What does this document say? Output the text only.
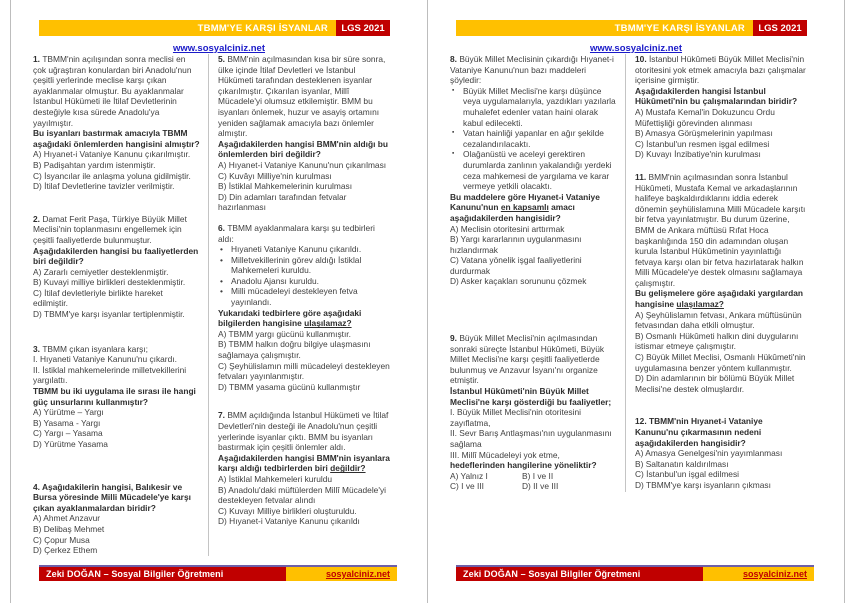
TBMM'YE KARŞI İSYANLAR LGS 2021
www.sosyalciniz.net
1. TBMM'nin açılışından sonra meclisi en çok uğraştıran konulardan biri Anadolu'nun çeşitli yerlerinde meclise karşı çıkan ayaklanmalar olmuştur. Bu ayaklanmalar İstanbul Hükümeti ile İtilaf Devletlerinin desteğiyle kısa sürede Anadolu'ya yayılmıştır.
Bu isyanları bastırmak amacıyla TBMM aşağıdaki önlemlerden hangisini almıştır?
A) Hıyanet-i Vataniye Kanunu çıkarılmıştır.
B) Padişahtan yardım istenmiştir.
C) İsyancılar ile anlaşma yoluna gidilmiştir.
D) İtilaf Devletlerine tavizler verilmiştir.
2. Damat Ferit Paşa, Türkiye Büyük Millet Meclisi'nin toplanmasını engellemek için çeşitli faaliyetlerde bulunmuştur.
Aşağıdakilerden hangisi bu faaliyetlerden biri değildir?
A) Zararlı cemiyetler desteklenmiştir.
B) Kuvayi milliye birlikleri desteklenmiştir.
C) İtilaf devletleriyle birlikte hareket edilmiştir.
D) TBMM'ye karşı isyanlar tertiplenmiştir.
3. TBMM çıkan isyanlara karşı;
I. Hıyaneti Vataniye Kanunu'nu çıkardı.
II. İstiklal mahkemelerinde milletvekillerini yargılattı.
TBMM bu iki uygulama ile sırası ile hangi güç unsurlarını kullanmıştır?
A) Yürütme – Yargı
B) Yasama - Yargı
C) Yargı – Yasama
D) Yürütme Yasama
4. Aşağıdakilerin hangisi, Balıkesir ve Bursa yöresinde Milli Mücadele'ye karşı çıkan ayaklanmalardan biridir?
A) Ahmet Anzavur
B) Delibaş Mehmet
C) Çopur Musa
D) Çerkez Ethem
5. BMM'nin açılmasından kısa bir süre sonra, ülke içinde İtilaf Devletleri ve İstanbul Hükümeti tarafından desteklenen isyanlar çıkarılmıştır. Çıkarılan isyanlar, Millî Mücadele'yi olumsuz etkilemiştir. BMM bu isyanları önlemek, huzur ve asayiş ortamını yeniden sağlamak amacıyla bazı önlemler almıştır.
Aşağıdakilerden hangisi BMM'nin aldığı bu önlemlerden biri değildir?
A) Hıyanet-i Vataniye Kanunu'nun çıkarılması
C) Kuvâyı Milliye'nin kurulması
B) İstiklal Mahkemelerinin kurulması
D) Din adamları tarafından fetvalar hazırlanması
6. TBMM ayaklanmalara karşı şu tedbirleri aldı:
• Hıyaneti Vataniye Kanunu çıkarıldı.
• Milletvekillerinin görev aldığı İstiklal Mahkemeleri kuruldu.
• Anadolu Ajansı kuruldu.
• Milli mücadeleyi destekleyen fetva yayınlandı.
Yukarıdaki tedbirlere göre aşağıdaki bilgilerden hangisine ulaşılamaz?
A) TBMM yargı gücünü kullanmıştır.
B) TBMM halkın doğru bilgiye ulaşmasını sağlamaya çalışmıştır.
C) Şeyhülislamın milli mücadeleyi destekleyen fetvaları yayınlanmıştır.
D) TBMM yasama gücünü kullanmıştır
7. BMM açıldığında İstanbul Hükümeti ve İtilaf Devletleri'nin desteği ile Anadolu'nun çeşitli yerlerinde isyanlar çıktı. BMM bu isyanları bastırmak için çeşitli önlemler aldı.
Aşağıdakilerden hangisi BMM'nin isyanlara karşı aldığı tedbirlerden biri değildir?
A) İstiklal Mahkemeleri kuruldu
B) Anadolu'daki müftülerden Millî Mücadele'yi destekleyen fetvalar alındı
C) Kuvayı Milliye birlikleri oluşturuldu.
D) Hıyanet-i Vataniye Kanunu çıkarıldı
Zeki DOĞAN – Sosyal Bilgiler Öğretmeni	sosyalciniz.net
TBMM'YE KARŞI İSYANLAR LGS 2021
www.sosyalciniz.net
8. Büyük Millet Meclisinin çıkardığı Hıyanet-i Vataniye Kanunu'nun bazı maddeleri şöyledir:
▪	Büyük Millet Meclisi'ne karşı düşünce veya uygulamalarıyla, yazdıkları yazılarla muhalefet edenler vatan haini olarak kabul edilecekti.
▪	Vatan hainliği yapanlar en ağır şekilde cezalandırılacaktı.
▪	Olağanüstü ve aceleyi gerektiren durumlarda zanlının yakalandığı yerdeki ceza mahkemesi de yargılama ve karar vermeye yetkili olacaktı.
Bu maddelere göre Hıyanet-i Vataniye Kanunu'nun en kapsamlı amacı aşağıdakilerden hangisidir?
A) Meclisin otoritesini arttırmak
B) Yargı kararlarının uygulanmasını hızlandırmak
C) Vatana yönelik işgal faaliyetlerini durdurmak
D) Asker kaçakları sorununu çözmek
9. Büyük Millet Meclisi'nin açılmasından sonraki süreçte İstanbul Hükûmeti, Büyük Millet Meclisi'ne karşı çeşitli faaliyetlerde bulunmuş ve Anzavur İsyanı'nı organize etmiştir.
İstanbul Hükûmeti'nin Büyük Millet Meclisi'ne karşı gösterdiği bu faaliyetler;
I. Büyük Millet Meclisi'nin otoritesini zayıflatma,
II. Sevr Barış Antlaşması'nın uygulanmasını sağlama
III. Millî Mücadeleyi yok etme,
hedeflerinden hangilerine yöneliktir?
A) Yalnız I	B) I ve II
C) I ve III	D) II ve III
10. İstanbul Hükûmeti Büyük Millet Meclisi'nin otoritesini yok etmek amacıyla bazı çalışmalar içerisine girmiştir.
Aşağıdakilerden hangisi İstanbul Hükûmeti'nin bu çalışmalarından biridir?
A) Mustafa Kemal'in Dokuzuncu Ordu Müfettişliği görevinden alınması
B) Amasya Görüşmelerinin yapılması
C) İstanbul'un resmen işgal edilmesi
D) Kuvayı İnzibatiye'nin kurulması
11. BMM'nin açılmasından sonra İstanbul Hükûmeti, Mustafa Kemal ve arkadaşlarının halifeye başkaldırdıklarını iddia ederek dönemin şeyhülislamına Milli Mücadele karşıtı bir fetva yayınlatmıştır. Bu durum üzerine, BMM de Ankara müftüsü Rıfat Hoca başkanlığında 150 din adamından oluşan kurula İstanbul Hükûmetinin yayınlattığı fetvaya karşı olan bir fetva hazırlatarak halkın Milli Mücadele'ye destek olmasını sağlamaya çalışmıştır.
Bu gelişmelere göre aşağıdaki yargılardan hangisine ulaşılamaz?
A) Şeyhülislamın fetvası, Ankara müftüsünün fetvasından daha etkili olmuştur.
B) Osmanlı Hükûmeti halkın dini duygularını istismar etmeye çalışmıştır.
C) Büyük Millet Meclisi, Osmanlı Hükûmeti'nin uygulamasına benzer yöntem kullanmıştır.
D) Din adamlarının bir bölümü Büyük Millet Meclisi'ne destek olmuşlardır.
12. TBMM'nin Hıyanet-i Vataniye Kanunu'nu çıkarmasının nedeni aşağıdakilerden hangisidir?
A) Amasya Genelgesi'nin yayımlanması
B) Saltanatın kaldırılması
C) İstanbul'un işgal edilmesi
D) TBMM'ye karşı isyanların çıkması
Zeki DOĞAN – Sosyal Bilgiler Öğretmeni	sosyalciniz.net
